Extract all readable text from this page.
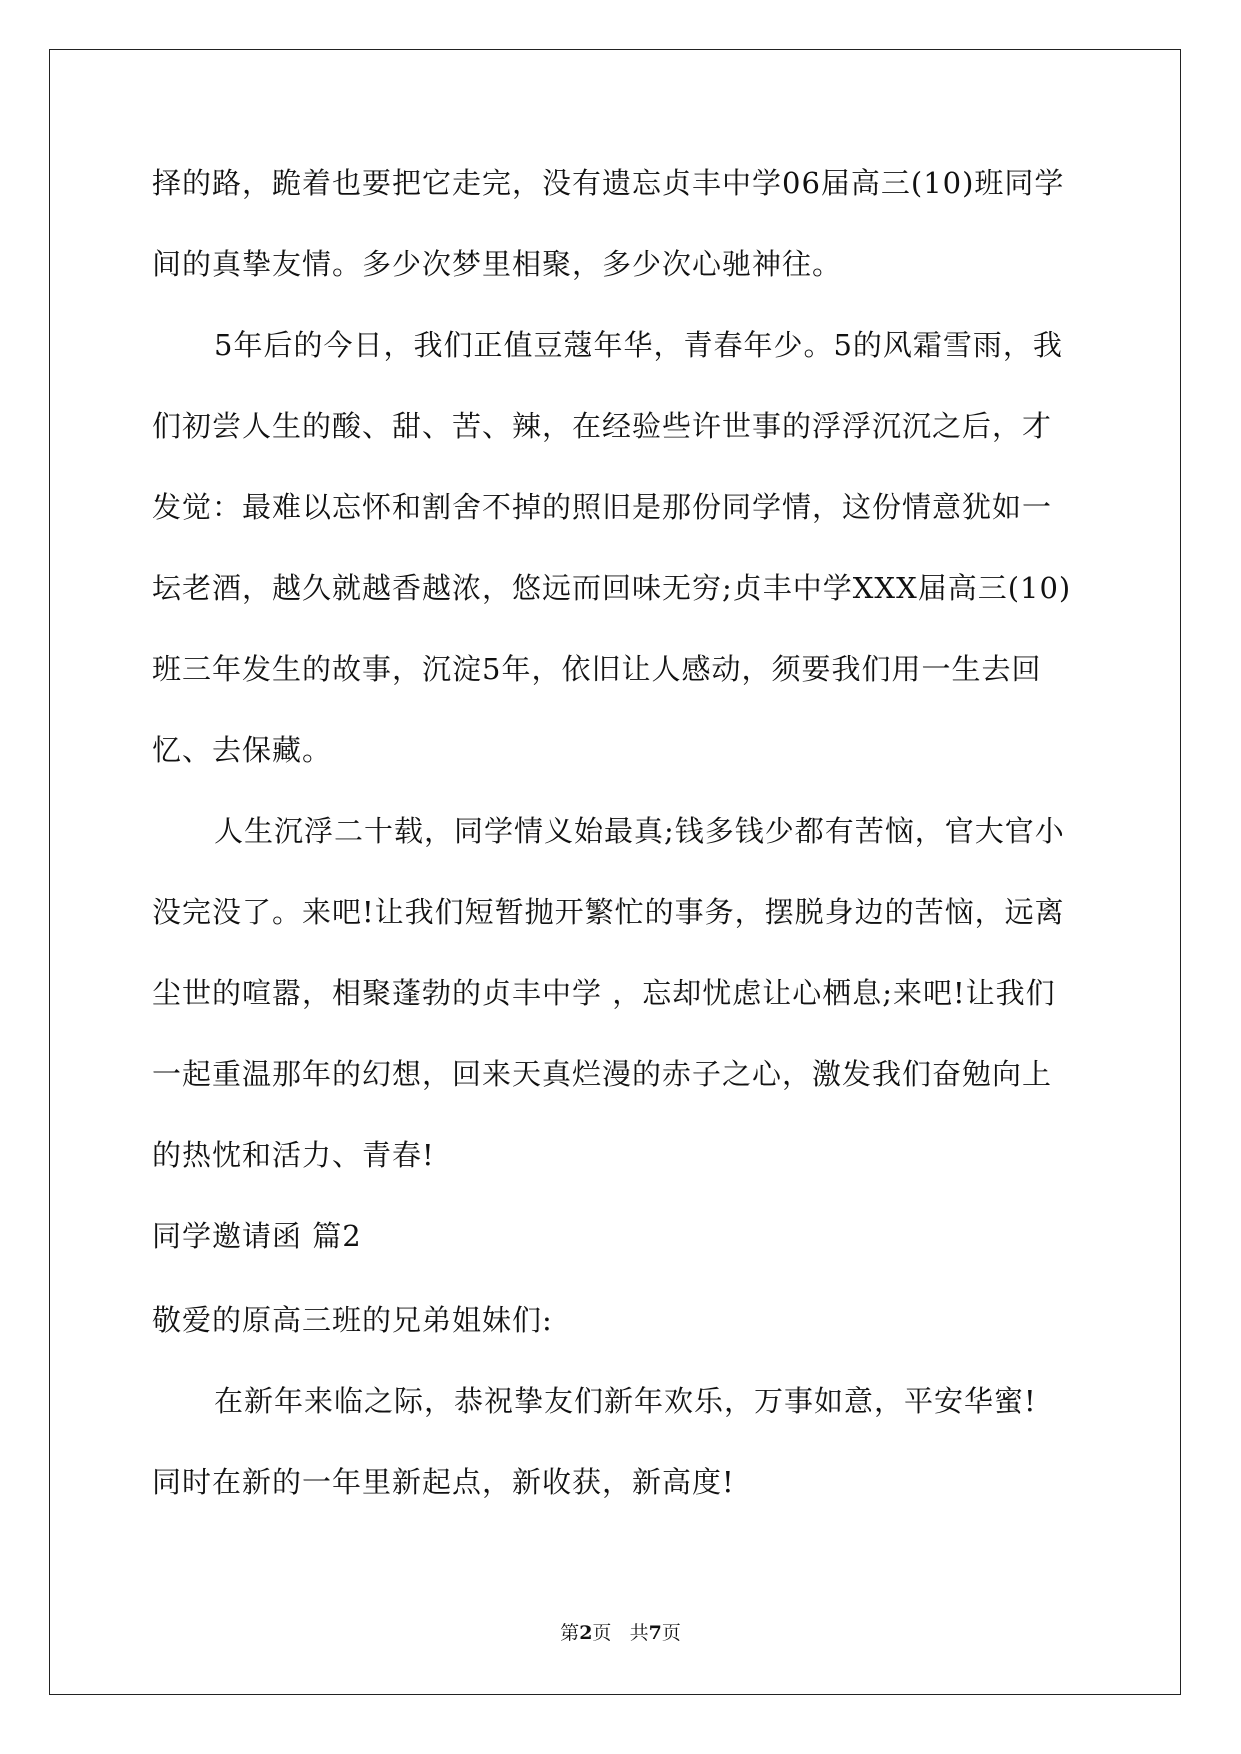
择的路，跪着也要把它走完，没有遗忘贞丰中学06届高三(10)班同学
间的真挚友情。多少次梦里相聚，多少次心驰神往。
5年后的今日，我们正值豆蔻年华，青春年少。5的风霜雪雨，我
们初尝人生的酸、甜、苦、辣，在经验些许世事的浮浮沉沉之后，才
发觉：最难以忘怀和割舍不掉的照旧是那份同学情，这份情意犹如一
坛老酒，越久就越香越浓，悠远而回味无穷;贞丰中学XXX届高三(10)
班三年发生的故事，沉淀5年，依旧让人感动，须要我们用一生去回
忆、去保藏。
人生沉浮二十载，同学情义始最真;钱多钱少都有苦恼，官大官小
没完没了。来吧!让我们短暂抛开繁忙的事务，摆脱身边的苦恼，远离
尘世的喧嚣，相聚蓬勃的贞丰中学 ，忘却忧虑让心栖息;来吧!让我们
一起重温那年的幻想，回来天真烂漫的赤子之心，激发我们奋勉向上
的热忱和活力、青春!
同学邀请函 篇2
敬爱的原高三班的兄弟姐妹们:
在新年来临之际，恭祝挚友们新年欢乐，万事如意，平安华蜜!
同时在新的一年里新起点，新收获，新高度!
第2页 共7页
